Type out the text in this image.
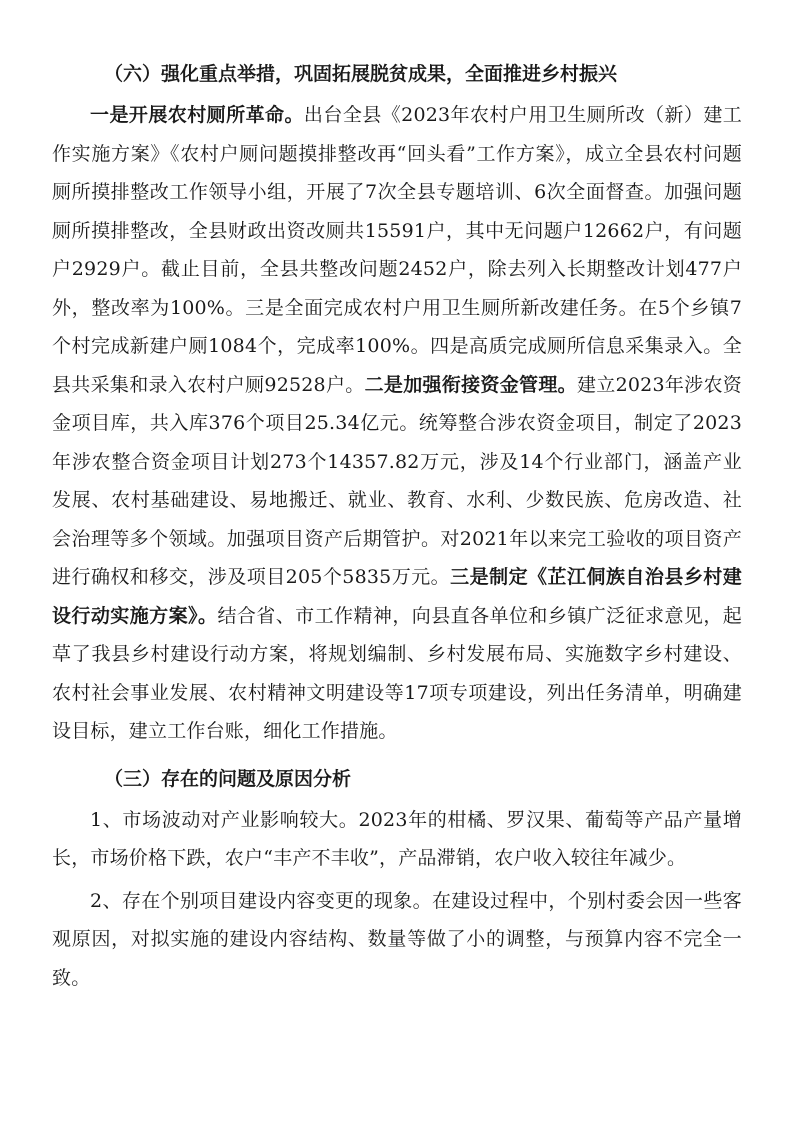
（六）强化重点举措，巩固拓展脱贫成果，全面推进乡村振兴

一是开展农村厕所革命。出台全县《2023年农村户用卫生厕所改（新）建工作实施方案》《农村户厕问题摸排整改再“回头看”工作方案》，成立全县农村问题厕所摸排整改工作领导小组，开展了7次全县专题培训、6次全面督查。加强问题厕所摸排整改，全县财政出资改厕共15591户，其中无问题户12662户，有问题户2929户。截止目前，全县共整改问题2452户，除去列入长期整改计划477户外，整改率为100%。三是全面完成农村户用卫生厕所新改建任务。在5个乡镇7个村完成新建户厕1084个，完成率100%。四是高质完成厕所信息采集录入。全县共采集和录入农村户厕92528户。二是加强衔接资金管理。建立2023年涉农资金项目库，共入库376个项目25.34亿元。统筹整合涉农资金项目，制定了2023年涉农整合资金项目计划273个14357.82万元，涉及14个行业部门，涵盖产业发展、农村基础建设、易地搬迁、就业、教育、水利、少数民族、危房改造、社会治理等多个领域。加强项目资产后期管护。对2021年以来完工验收的项目资产进行确权和移交，涉及项目205个5835万元。三是制定《芷江侗族自治县乡村建设行动实施方案》。结合省、市工作精神，向县直各单位和乡镇广泛征求意见，起草了我县乡村建设行动方案，将规划编制、乡村发展布局、实施数字乡村建设、农村社会事业发展、农村精神文明建设等17项专项建设，列出任务清单，明确建设目标，建立工作台账，细化工作措施。

（三）存在的问题及原因分析

1、市场波动对产业影响较大。2023年的柑橘、罗汉果、葡萄等产品产量增长，市场价格下跌，农户“丰产不丰收”，产品滞销，农户收入较往年减少。

2、存在个别项目建设内容变更的现象。在建设过程中，个别村委会因一些客观原因，对拟实施的建设内容结构、数量等做了小的调整，与预算内容不完全一致。
